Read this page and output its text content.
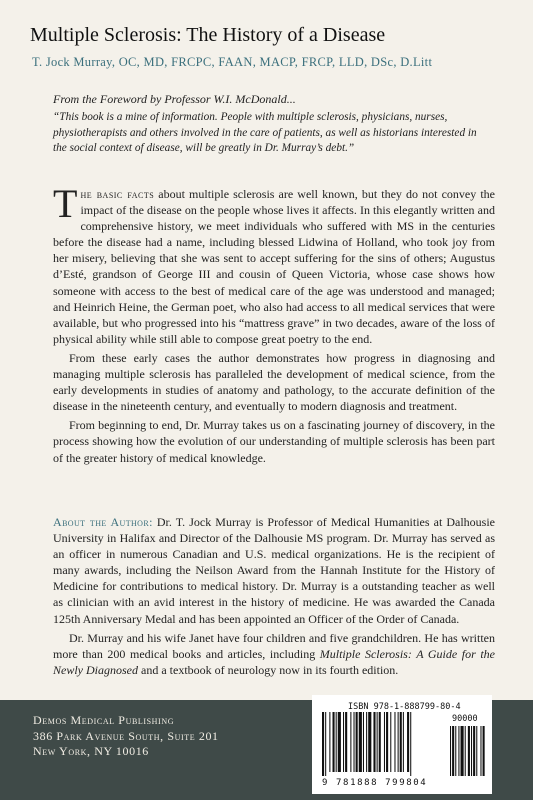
Multiple Sclerosis: The History of a Disease
T. Jock Murray, OC, MD, FRCPC, FAAN, MACP, FRCP, LLD, DSc, D.Litt
From the Foreword by Professor W.I. McDonald...
“This book is a mine of information. People with multiple sclerosis, physicians, nurses, physiotherapists and others involved in the care of patients, as well as historians interested in the social context of disease, will be greatly in Dr. Murray’s debt.”

The basic facts about multiple sclerosis are well known, but they do not convey the impact of the disease on the people whose lives it affects. In this elegantly written and comprehensive history, we meet individuals who suffered with MS in the centuries before the disease had a name, including blessed Lidwina of Holland, who took joy from her misery, believing that she was sent to accept suffering for the sins of others; Augustus d’Esté, grandson of George III and cousin of Queen Victoria, whose case shows how someone with access to the best of medical care of the age was understood and managed; and Heinrich Heine, the German poet, who also had access to all medical services that were available, but who progressed into his “mattress grave” in two decades, aware of the loss of physical ability while still able to compose great poetry to the end.

From these early cases the author demonstrates how progress in diagnosing and managing multiple sclerosis has paralleled the development of medical science, from the early developments in studies of anatomy and pathology, to the accurate definition of the disease in the nineteenth century, and eventually to modern diagnosis and treatment.

From beginning to end, Dr. Murray takes us on a fascinating journey of discovery, in the process showing how the evolution of our understanding of multiple sclerosis has been part of the greater history of medical knowledge.

About the Author: Dr. T. Jock Murray is Professor of Medical Humanities at Dalhousie University in Halifax and Director of the Dalhousie MS program. Dr. Murray has served as an officer in numerous Canadian and U.S. medical organizations. He is the recipient of many awards, including the Neilson Award from the Hannah Institute for the History of Medicine for contributions to medical history. Dr. Murray is a outstanding teacher as well as clinician with an avid interest in the history of medicine. He was awarded the Canada 125th Anniversary Medal and has been appointed an Officer of the Order of Canada.

Dr. Murray and his wife Janet have four children and five grandchildren. He has written more than 200 medical books and articles, including Multiple Sclerosis: A Guide for the Newly Diagnosed and a textbook of neurology now in its fourth edition.

Demos Medical Publishing
386 Park Avenue South, Suite 201
New York, NY 10016
ISBN 978-1-888799-80-4
90000
9 781888 799804
